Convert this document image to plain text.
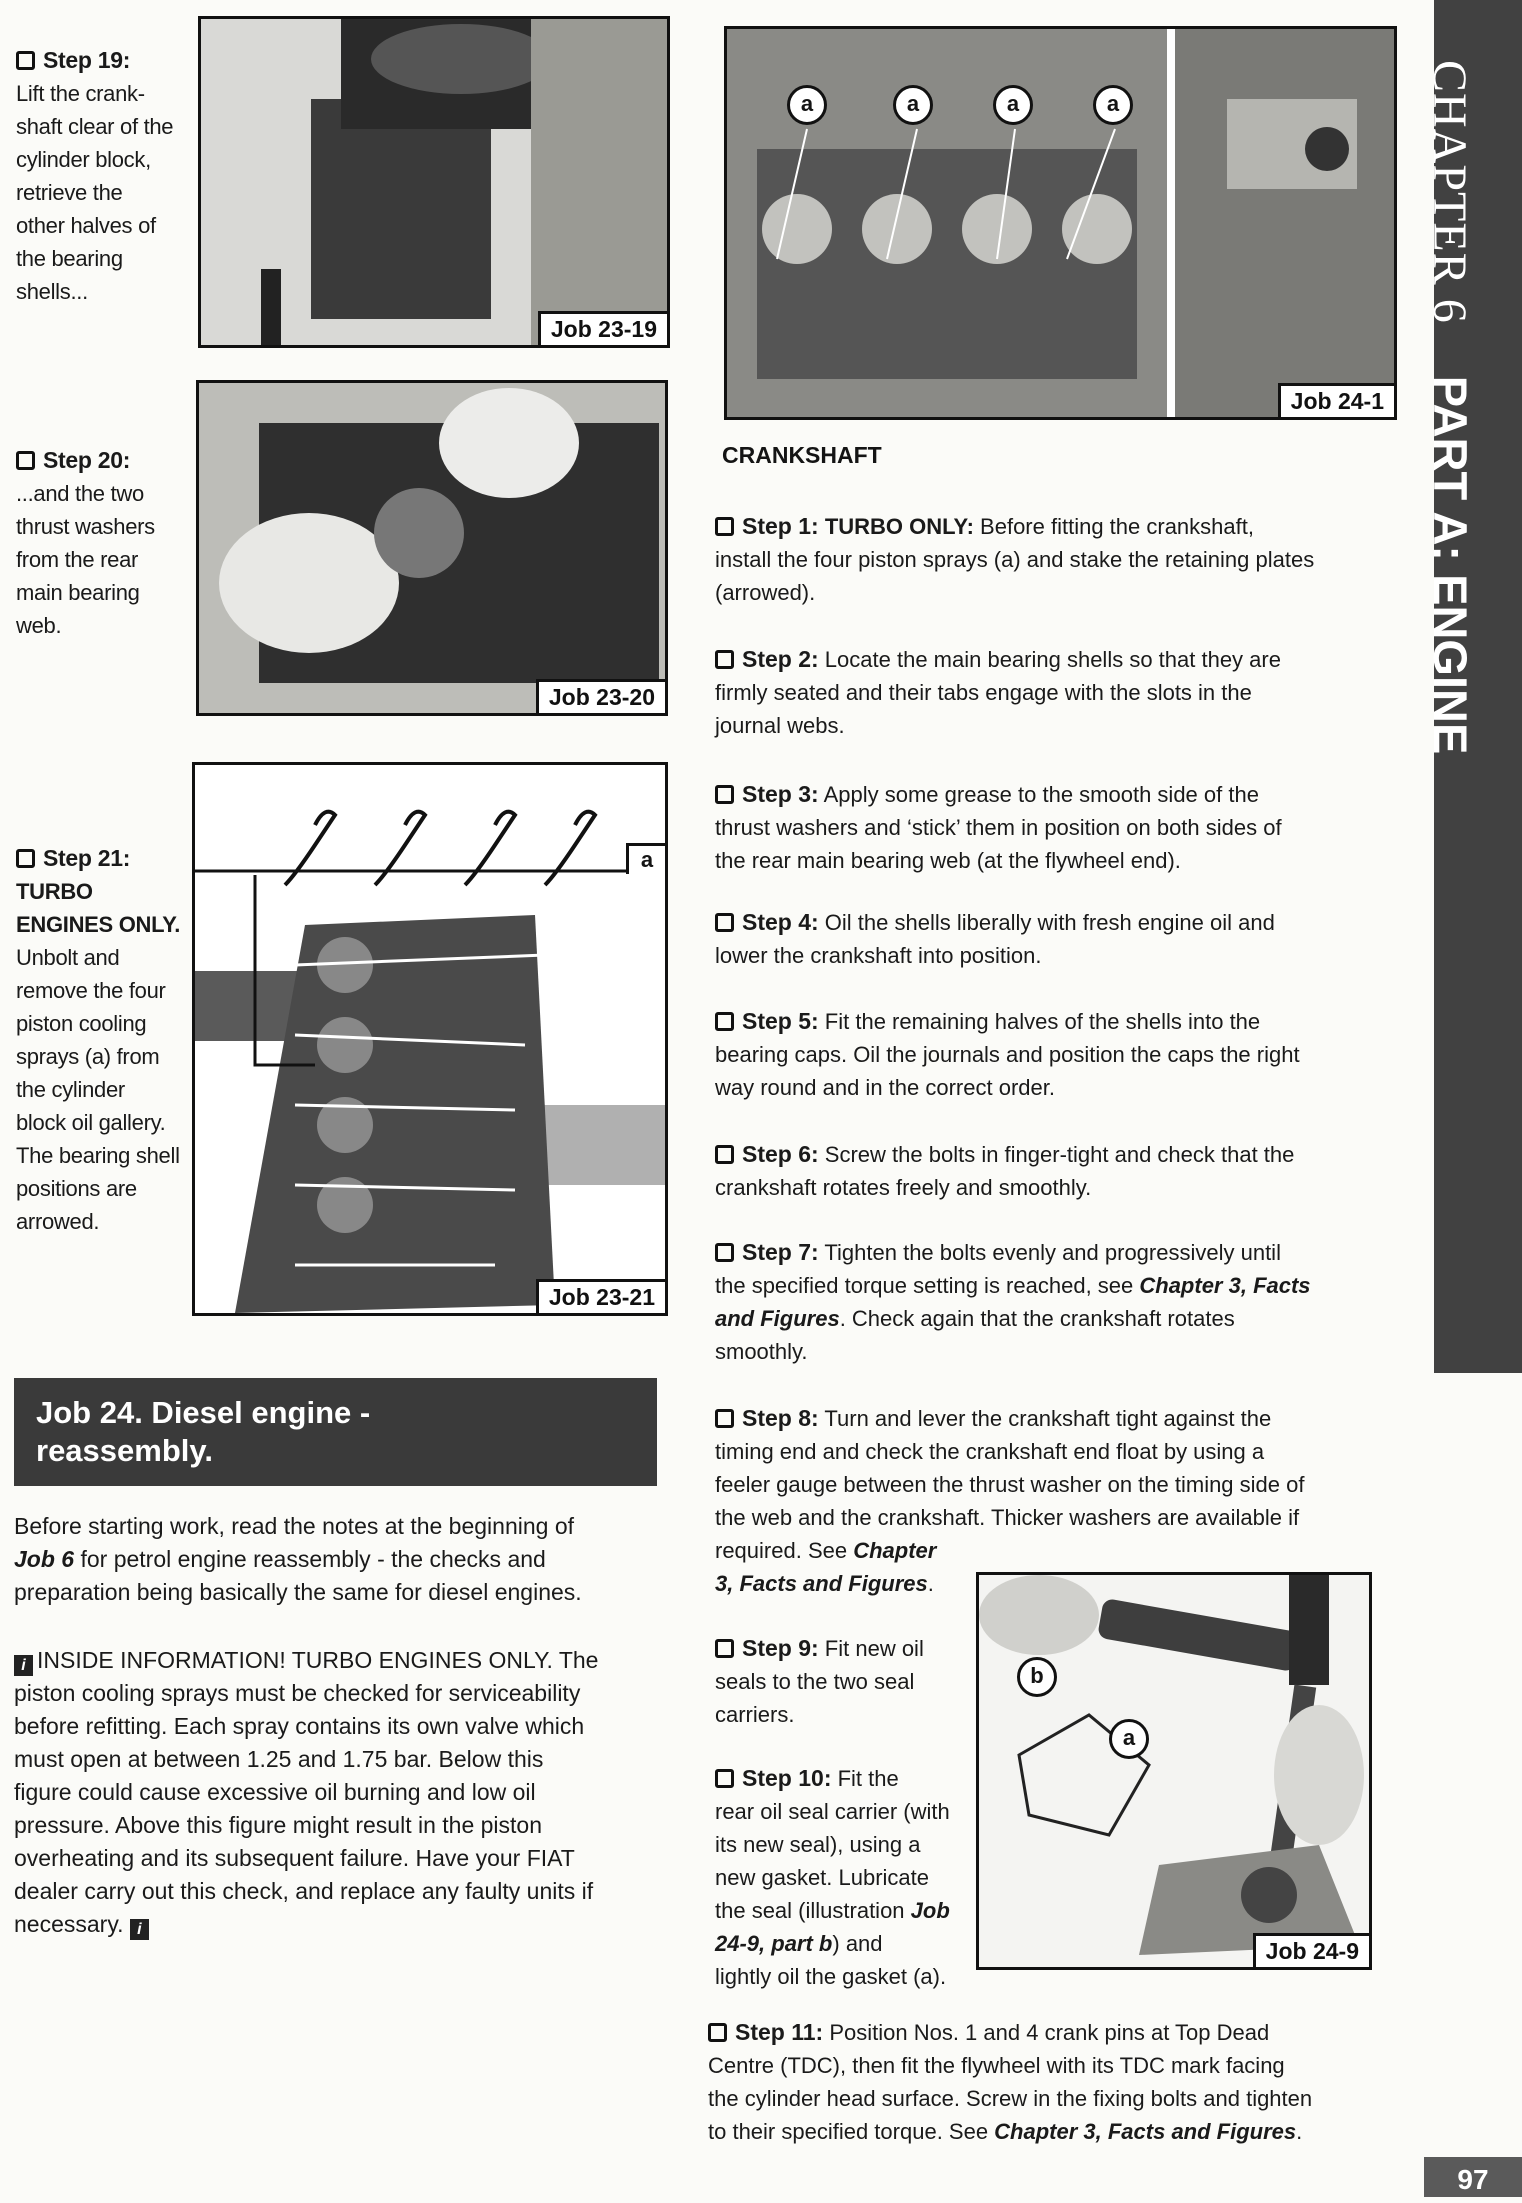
CHAPTER 6 PART A: ENGINE
Step 19:
Lift the crank-
shaft clear of the
cylinder block,
retrieve the
other halves of
the bearing
shells...
Job 23-19
Step 20:
...and the two
thrust washers
from the rear
main bearing
web.
Job 23-20
Step 21:
TURBO
ENGINES ONLY.
Unbolt and
remove the four
piston cooling
sprays (a) from
the cylinder
block oil gallery.
The bearing shell
positions are
arrowed.
a
Job 23-21
Job 24. Diesel engine -
reassembly.
Before starting work, read the notes at the beginning of
Job 6 for petrol engine reassembly - the checks and
preparation being basically the same for diesel engines.
i INSIDE INFORMATION! TURBO ENGINES ONLY. The
piston cooling sprays must be checked for serviceability
before refitting. Each spray contains its own valve which
must open at between 1.25 and 1.75 bar. Below this
figure could cause excessive oil burning and low oil
pressure. Above this figure might result in the piston
overheating and its subsequent failure. Have your FIAT
dealer carry out this check, and replace any faulty units if
necessary. i
a	a	a	a
Job 24-1
CRANKSHAFT
Step 1: TURBO ONLY: Before fitting the crankshaft,
install the four piston sprays (a) and stake the retaining plates
(arrowed).
Step 2: Locate the main bearing shells so that they are
firmly seated and their tabs engage with the slots in the
journal webs.
Step 3: Apply some grease to the smooth side of the
thrust washers and ‘stick’ them in position on both sides of
the rear main bearing web (at the flywheel end).
Step 4: Oil the shells liberally with fresh engine oil and
lower the crankshaft into position.
Step 5: Fit the remaining halves of the shells into the
bearing caps. Oil the journals and position the caps the right
way round and in the correct order.
Step 6: Screw the bolts in finger-tight and check that the
crankshaft rotates freely and smoothly.
Step 7: Tighten the bolts evenly and progressively until
the specified torque setting is reached, see Chapter 3, Facts
and Figures. Check again that the crankshaft rotates
smoothly.
Step 8: Turn and lever the crankshaft tight against the
timing end and check the crankshaft end float by using a
feeler gauge between the thrust washer on the timing side of
the web and the crankshaft. Thicker washers are available if
required. See Chapter
3, Facts and Figures.
Step 9: Fit new oil
seals to the two seal
carriers.
Step 10: Fit the
rear oil seal carrier (with
its new seal), using a
new gasket. Lubricate
the seal (illustration Job
24-9, part b) and
lightly oil the gasket (a).
b
a
Job 24-9
Step 11: Position Nos. 1 and 4 crank pins at Top Dead
Centre (TDC), then fit the flywheel with its TDC mark facing
the cylinder head surface. Screw in the fixing bolts and tighten
to their specified torque. See Chapter 3, Facts and Figures.
97
